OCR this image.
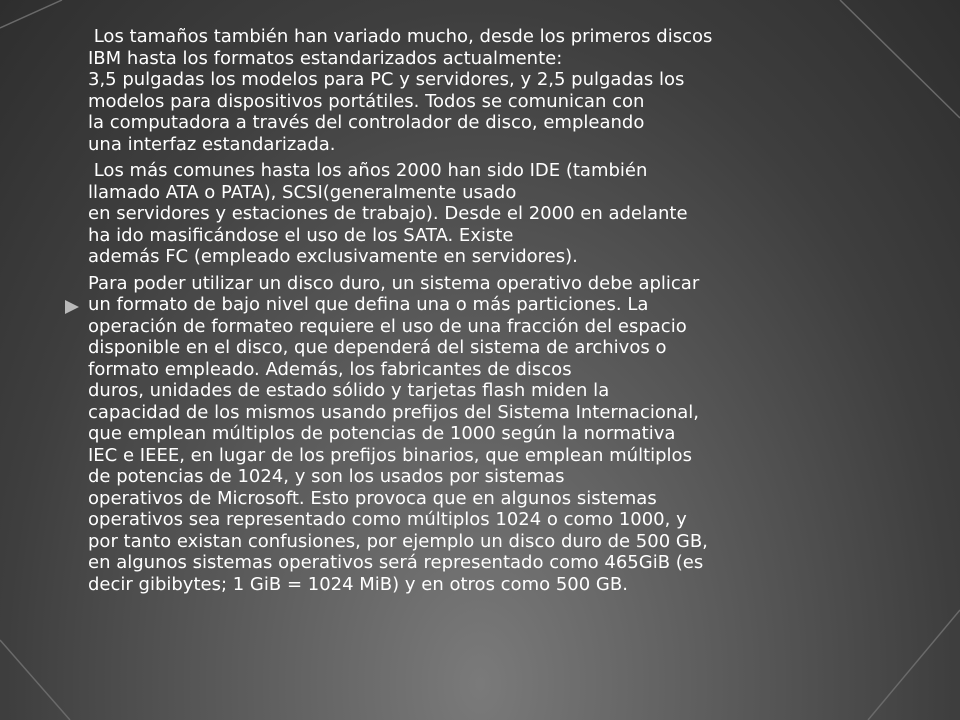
Los tamaños también han variado mucho, desde los primeros discos
IBM hasta los formatos estandarizados actualmente:
3,5 pulgadas los modelos para PC y servidores, y 2,5 pulgadas los
modelos para dispositivos portátiles. Todos se comunican con
la computadora a través del controlador de disco, empleando
una interfaz estandarizada.
Los más comunes hasta los años 2000 han sido IDE (también
llamado ATA o PATA), SCSI(generalmente usado
en servidores y estaciones de trabajo). Desde el 2000 en adelante
ha ido masificándose el uso de los SATA. Existe
además FC (empleado exclusivamente en servidores).
Para poder utilizar un disco duro, un sistema operativo debe aplicar
un formato de bajo nivel que defina una o más particiones. La
operación de formateo requiere el uso de una fracción del espacio
disponible en el disco, que dependerá del sistema de archivos o
formato empleado. Además, los fabricantes de discos
duros, unidades de estado sólido y tarjetas flash miden la
capacidad de los mismos usando prefijos del Sistema Internacional,
que emplean múltiplos de potencias de 1000 según la normativa
IEC e IEEE, en lugar de los prefijos binarios, que emplean múltiplos
de potencias de 1024, y son los usados por sistemas
operativos de Microsoft. Esto provoca que en algunos sistemas
operativos sea representado como múltiplos 1024 o como 1000, y
por tanto existan confusiones, por ejemplo un disco duro de 500 GB,
en algunos sistemas operativos será representado como 465GiB (es
decir gibibytes; 1 GiB = 1024 MiB) y en otros como 500 GB.
